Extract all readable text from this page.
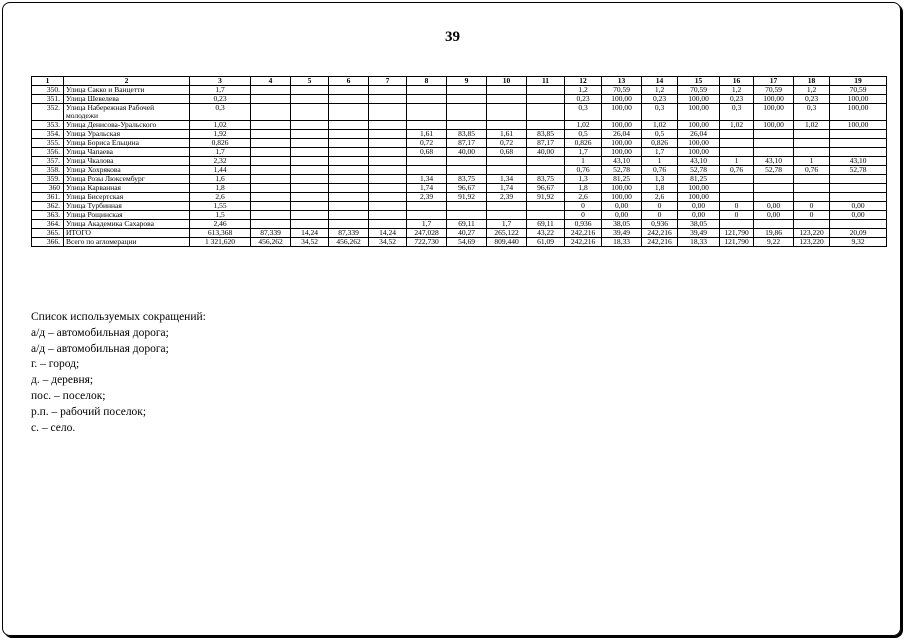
39
1	2	3	4	5	6	7	8	9	10	11	12	13	14	15	16	17	18	19
350.	Улица Сакко и Ванцетти	1,7									1,2	70,59	1,2	70,59	1,2	70,59	1,2	70,59
351.	Улица Шевелева	0,23									0,23	100,00	0,23	100,00	0,23	100,00	0,23	100,00
352.	Улица Набережная Рабочей молодежи	0,3									0,3	100,00	0,3	100,00	0,3	100,00	0,3	100,00
353.	Улица Денисова-Уральского	1,02									1,02	100,00	1,02	100,00	1,02	100,00	1,02	100,00
354.	Улица Уральская	1,92					1,61	83,85	1,61	83,85	0,5	26,04	0,5	26,04				
355.	Улица Бориса Ельцина	0,826					0,72	87,17	0,72	87,17	0,826	100,00	0,826	100,00				
356.	Улица Чапаева	1,7					0,68	40,00	0,68	40,00	1,7	100,00	1,7	100,00				
357.	Улица Чкалова	2,32									1	43,10	1	43,10	1	43,10	1	43,10
358.	Улица Хохрякова	1,44									0,76	52,78	0,76	52,78	0,76	52,78	0,76	52,78
359.	Улица Розы Люксембург	1,6					1,34	83,75	1,34	83,75	1,3	81,25	1,3	81,25				
360	Улица Карванная	1,8					1,74	96,67	1,74	96,67	1,8	100,00	1,8	100,00				
361.	Улица Бисертская	2,6					2,39	91,92	2,39	91,92	2,6	100,00	2,6	100,00				
362.	Улица Турбинная	1,55									0	0,00	0	0,00	0	0,00	0	0,00
363.	Улица Рощинская	1,5									0	0,00	0	0,00	0	0,00	0	0,00
364.	Улица Академика Сахарова	2,46					1,7	69,11	1,7	69,11	0,936	38,05	0,936	38,05				
365.	ИТОГО	613,368	87,339	14,24	87,339	14,24	247,028	40,27	265,122	43,22	242,216	39,49	242,216	39,49	121,790	19,86	123,220	20,09
366.	Всего по агломерации	1 321,620	456,262	34,52	456,262	34,52	722,730	54,69	809,440	61,09	242,216	18,33	242,216	18,33	121,790	9,22	123,220	9,32
Список используемых сокращений:
а/д – автомобильная дорога;
а/д – автомобильная дорога;
г. – город;
д. – деревня;
пос. – поселок;
р.п. – рабочий поселок;
с. – село.
